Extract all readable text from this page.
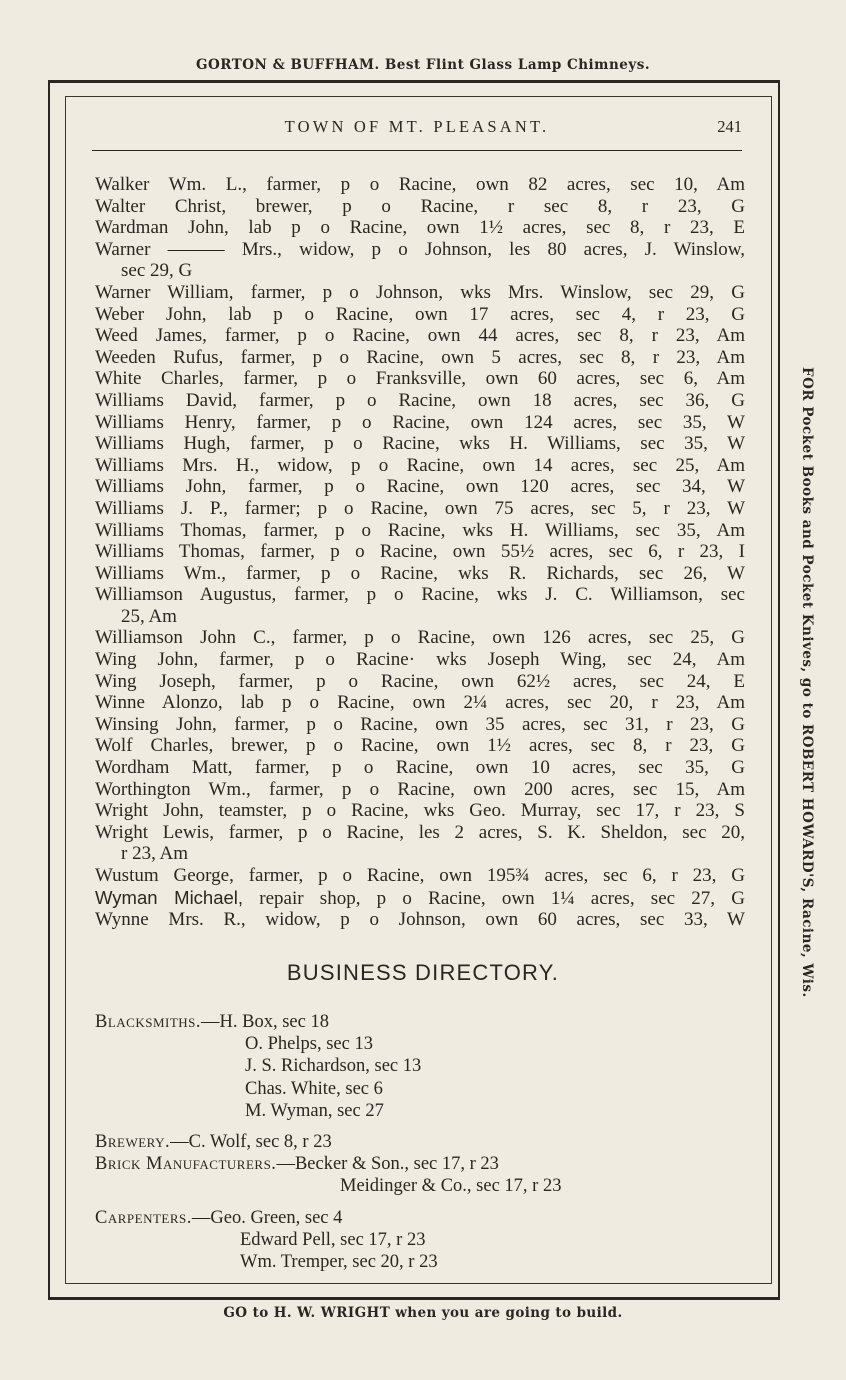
GORTON & BUFFHAM. Best Flint Glass Lamp Chimneys.
FOR Pocket Books and Pocket Knives, go to ROBERT HOWARD'S, Racine, Wis.
TOWN OF MT. PLEASANT.	241
Walker Wm. L., farmer, p o Racine, own 82 acres, sec 10, Am
Walter Christ, brewer, p o Racine, r sec 8, r 23, G
Wardman John, lab p o Racine, own 1½ acres, sec 8, r 23, E
Warner ——— Mrs., widow, p o Johnson, les 80 acres, J. Winslow,
sec 29, G
Warner William, farmer, p o Johnson, wks Mrs. Winslow, sec 29, G
Weber John, lab p o Racine, own 17 acres, sec 4, r 23, G
Weed James, farmer, p o Racine, own 44 acres, sec 8, r 23, Am
Weeden Rufus, farmer, p o Racine, own 5 acres, sec 8, r 23, Am
White Charles, farmer, p o Franksville, own 60 acres, sec 6, Am
Williams David, farmer, p o Racine, own 18 acres, sec 36, G
Williams Henry, farmer, p o Racine, own 124 acres, sec 35, W
Williams Hugh, farmer, p o Racine, wks H. Williams, sec 35, W
Williams Mrs. H., widow, p o Racine, own 14 acres, sec 25, Am
Williams John, farmer, p o Racine, own 120 acres, sec 34, W
Williams J. P., farmer; p o Racine, own 75 acres, sec 5, r 23, W
Williams Thomas, farmer, p o Racine, wks H. Williams, sec 35, Am
Williams Thomas, farmer, p o Racine, own 55½ acres, sec 6, r 23, I
Williams Wm., farmer, p o Racine, wks R. Richards, sec 26, W
Williamson Augustus, farmer, p o Racine, wks J. C. Williamson, sec
25, Am
Williamson John C., farmer, p o Racine, own 126 acres, sec 25, G
Wing John, farmer, p o Racine· wks Joseph Wing, sec 24, Am
Wing Joseph, farmer, p o Racine, own 62½ acres, sec 24, E
Winne Alonzo, lab p o Racine, own 2¼ acres, sec 20, r 23, Am
Winsing John, farmer, p o Racine, own 35 acres, sec 31, r 23, G
Wolf Charles, brewer, p o Racine, own 1½ acres, sec 8, r 23, G
Wordham Matt, farmer, p o Racine, own 10 acres, sec 35, G
Worthington Wm., farmer, p o Racine, own 200 acres, sec 15, Am
Wright John, teamster, p o Racine, wks Geo. Murray, sec 17, r 23, S
Wright Lewis, farmer, p o Racine, les 2 acres, S. K. Sheldon, sec 20,
r 23, Am
Wustum George, farmer, p o Racine, own 195¾ acres, sec 6, r 23, G
Wyman Michael, repair shop, p o Racine, own 1¼ acres, sec 27, G
Wynne Mrs. R., widow, p o Johnson, own 60 acres, sec 33, W
BUSINESS DIRECTORY.
Blacksmiths.—H. Box, sec 18
O. Phelps, sec 13
J. S. Richardson, sec 13
Chas. White, sec 6
M. Wyman, sec 27
Brewery.—C. Wolf, sec 8, r 23
Brick Manufacturers.—Becker & Son., sec 17, r 23
Meidinger & Co., sec 17, r 23
Carpenters.—Geo. Green, sec 4
Edward Pell, sec 17, r 23
Wm. Tremper, sec 20, r 23
GO to H. W. WRIGHT when you are going to build.
